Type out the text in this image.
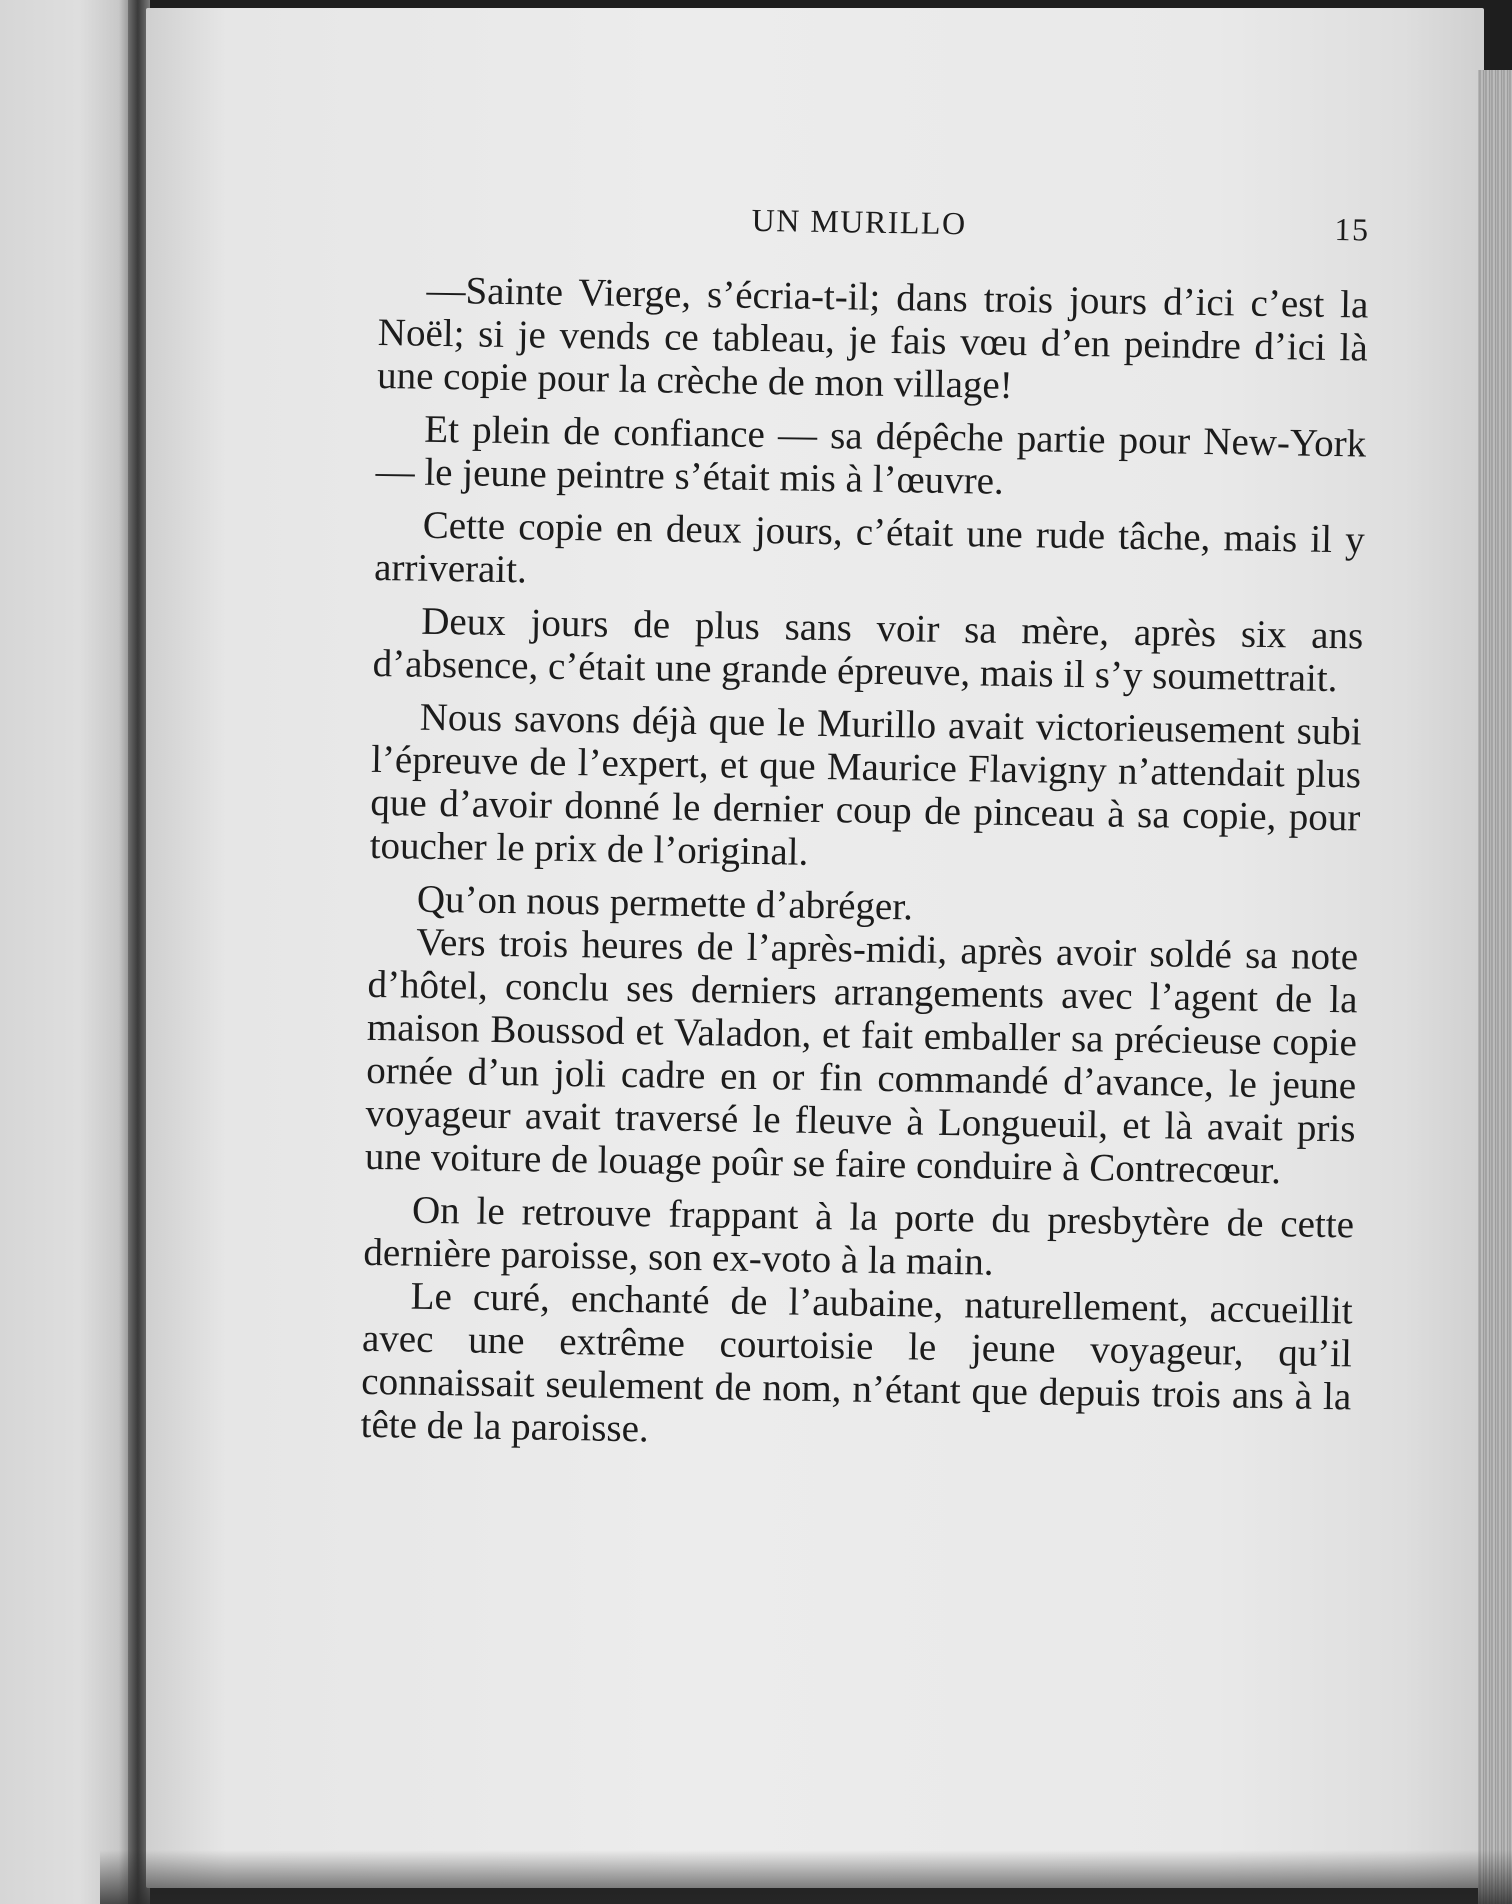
UN MURILLO	15

—Sainte Vierge, s’écria-t-il; dans trois jours d’ici c’est la Noël; si je vends ce tableau, je fais vœu d’en peindre d’ici là une copie pour la crèche de mon village!

Et plein de confiance — sa dépêche partie pour New-York — le jeune peintre s’était mis à l’œuvre.

Cette copie en deux jours, c’était une rude tâche, mais il y arriverait.

Deux jours de plus sans voir sa mère, après six ans d’absence, c’était une grande épreuve, mais il s’y soumettrait.

Nous savons déjà que le Murillo avait victorieusement subi l’épreuve de l’expert, et que Maurice Flavigny n’attendait plus que d’avoir donné le dernier coup de pinceau à sa copie, pour toucher le prix de l’original.

Qu’on nous permette d’abréger.

Vers trois heures de l’après-midi, après avoir soldé sa note d’hôtel, conclu ses derniers arrangements avec l’agent de la maison Boussod et Valadon, et fait emballer sa précieuse copie ornée d’un joli cadre en or fin commandé d’avance, le jeune voyageur avait traversé le fleuve à Longueuil, et là avait pris une voiture de louage poûr se faire conduire à Contrecœur.

On le retrouve frappant à la porte du presbytère de cette dernière paroisse, son ex-voto à la main.

Le curé, enchanté de l’aubaine, naturellement, accueillit avec une extrême courtoisie le jeune voyageur, qu’il connaissait seulement de nom, n’étant que depuis trois ans à la tête de la paroisse.
